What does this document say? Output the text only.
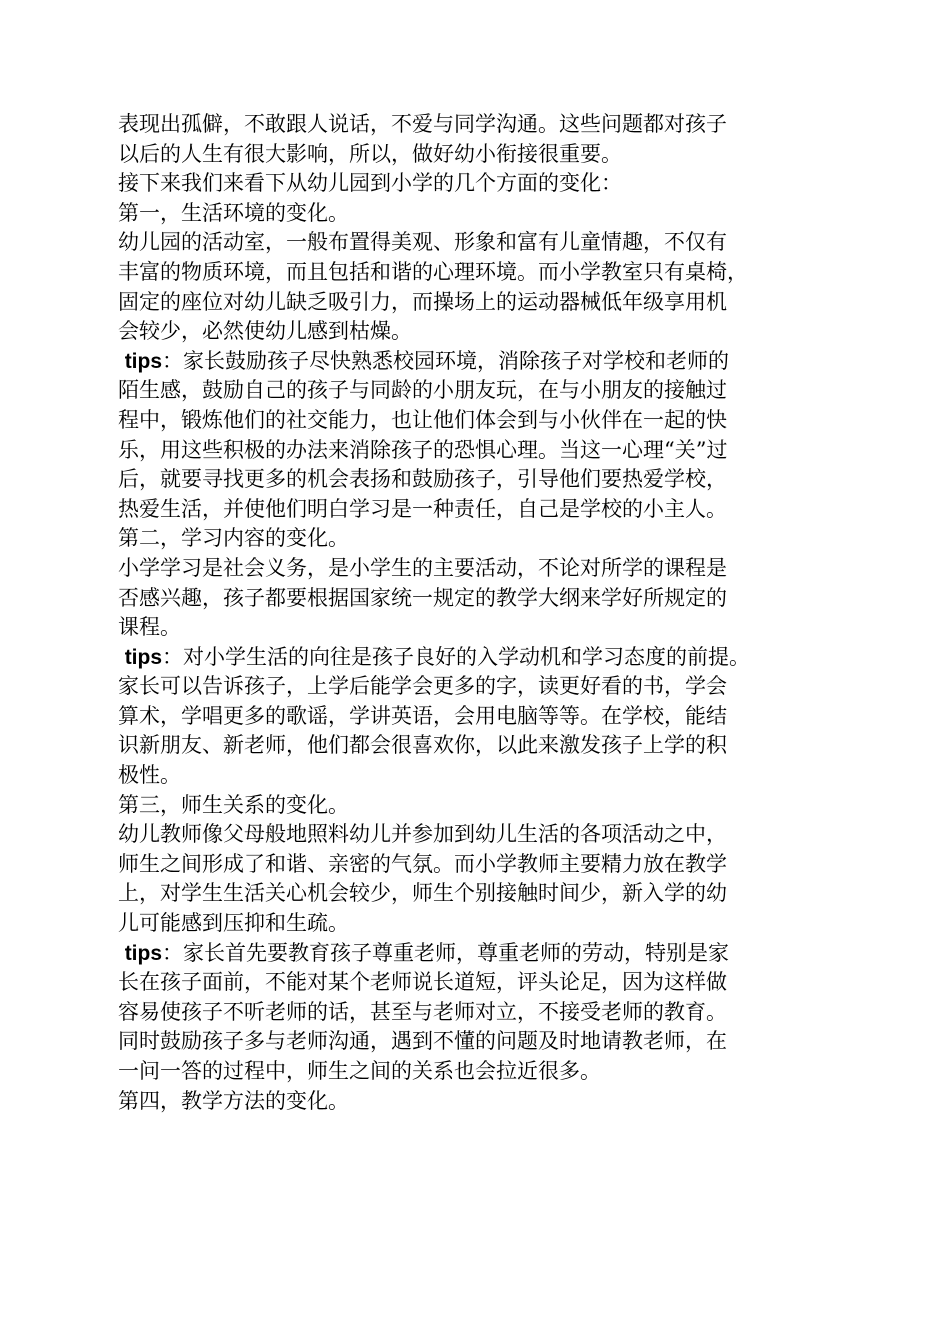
表现出孤僻，不敢跟人说话，不爱与同学沟通。这些问题都对孩子

以后的人生有很大影响，所以，做好幼小衔接很重要。

接下来我们来看下从幼儿园到小学的几个方面的变化：

第一，生活环境的变化。

幼儿园的活动室，一般布置得美观、形象和富有儿童情趣，不仅有

丰富的物质环境，而且包括和谐的心理环境。而小学教室只有桌椅，

固定的座位对幼儿缺乏吸引力，而操场上的运动器械低年级享用机

会较少，必然使幼儿感到枯燥。

tips：家长鼓励孩子尽快熟悉校园环境，消除孩子对学校和老师的

陌生感，鼓励自己的孩子与同龄的小朋友玩，在与小朋友的接触过

程中，锻炼他们的社交能力，也让他们体会到与小伙伴在一起的快

乐，用这些积极的办法来消除孩子的恐惧心理。当这一心理“关”过

后，就要寻找更多的机会表扬和鼓励孩子，引导他们要热爱学校，

热爱生活，并使他们明白学习是一种责任，自己是学校的小主人。

第二，学习内容的变化。

小学学习是社会义务，是小学生的主要活动，不论对所学的课程是

否感兴趣，孩子都要根据国家统一规定的教学大纲来学好所规定的

课程。

tips：对小学生活的向往是孩子良好的入学动机和学习态度的前提。

家长可以告诉孩子，上学后能学会更多的字，读更好看的书，学会

算术，学唱更多的歌谣，学讲英语，会用电脑等等。在学校，能结

识新朋友、新老师，他们都会很喜欢你，以此来激发孩子上学的积

极性。

第三，师生关系的变化。

幼儿教师像父母般地照料幼儿并参加到幼儿生活的各项活动之中，

师生之间形成了和谐、亲密的气氛。而小学教师主要精力放在教学

上，对学生生活关心机会较少，师生个别接触时间少，新入学的幼

儿可能感到压抑和生疏。

tips：家长首先要教育孩子尊重老师，尊重老师的劳动，特别是家

长在孩子面前，不能对某个老师说长道短，评头论足，因为这样做

容易使孩子不听老师的话，甚至与老师对立，不接受老师的教育。

同时鼓励孩子多与老师沟通，遇到不懂的问题及时地请教老师，在

一问一答的过程中，师生之间的关系也会拉近很多。

第四，教学方法的变化。
